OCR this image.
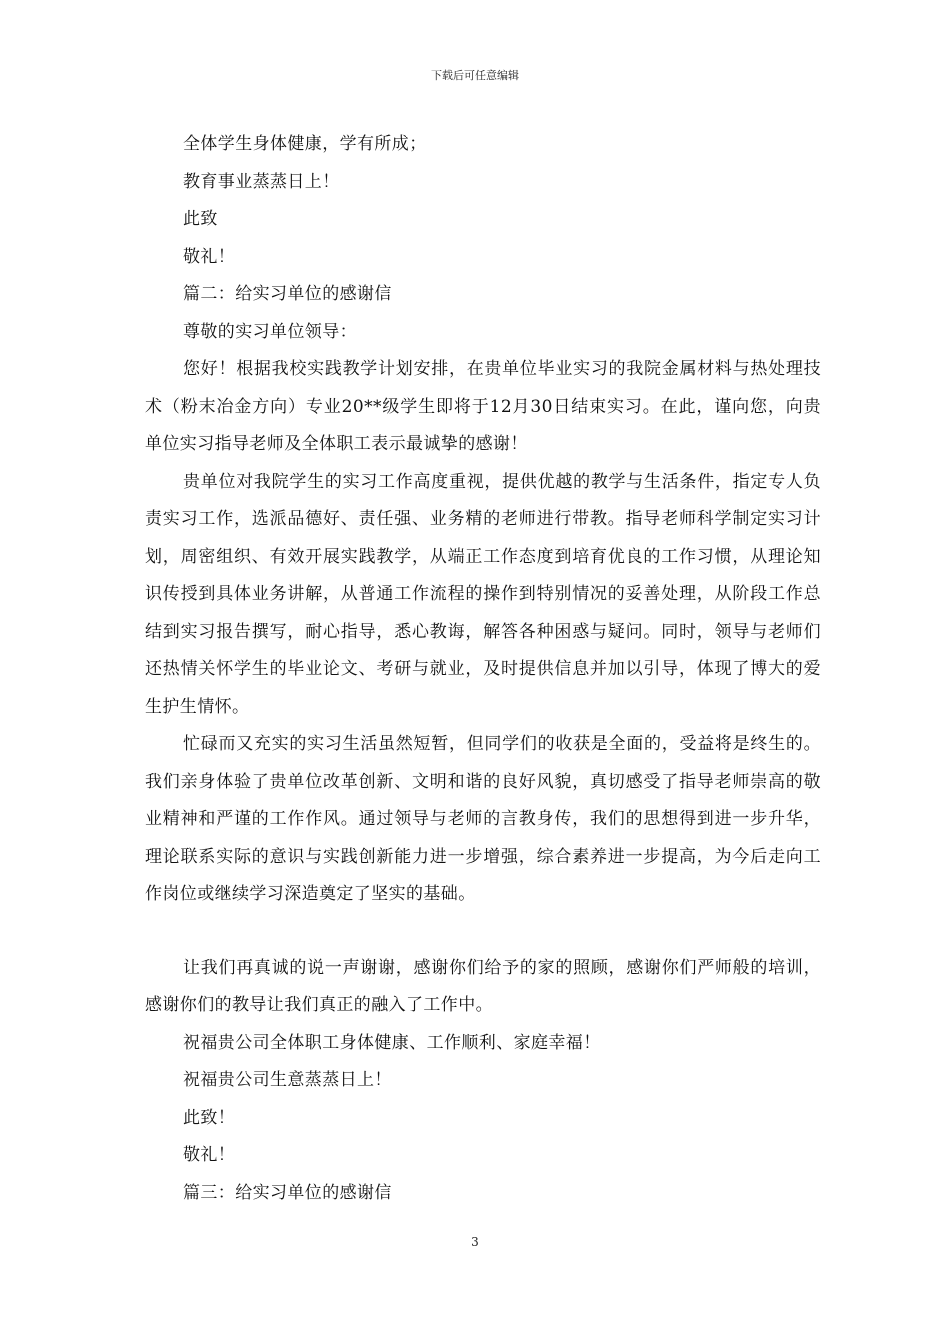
下载后可任意编辑
全体学生身体健康，学有所成；
教育事业蒸蒸日上！
此致
敬礼！
篇二：给实习单位的感谢信
尊敬的实习单位领导：

您好！根据我校实践教学计划安排，在贵单位毕业实习的我院金属材料与热处理技术（粉末冶金方向）专业20**级学生即将于12月30日结束实习。在此，谨向您，向贵单位实习指导老师及全体职工表示最诚挚的感谢！

贵单位对我院学生的实习工作高度重视，提供优越的教学与生活条件，指定专人负责实习工作，选派品德好、责任强、业务精的老师进行带教。指导老师科学制定实习计划，周密组织、有效开展实践教学，从端正工作态度到培育优良的工作习惯，从理论知识传授到具体业务讲解，从普通工作流程的操作到特别情况的妥善处理，从阶段工作总结到实习报告撰写，耐心指导，悉心教诲，解答各种困惑与疑问。同时，领导与老师们还热情关怀学生的毕业论文、考研与就业，及时提供信息并加以引导，体现了博大的爱生护生情怀。

忙碌而又充实的实习生活虽然短暂，但同学们的收获是全面的，受益将是终生的。我们亲身体验了贵单位改革创新、文明和谐的良好风貌，真切感受了指导老师崇高的敬业精神和严谨的工作作风。通过领导与老师的言教身传，我们的思想得到进一步升华，理论联系实际的意识与实践创新能力进一步增强，综合素养进一步提高，为今后走向工作岗位或继续学习深造奠定了坚实的基础。

让我们再真诚的说一声谢谢，感谢你们给予的家的照顾，感谢你们严师般的培训，感谢你们的教导让我们真正的融入了工作中。

祝福贵公司全体职工身体健康、工作顺利、家庭幸福！
祝福贵公司生意蒸蒸日上！
此致！
敬礼！
篇三：给实习单位的感谢信
3
